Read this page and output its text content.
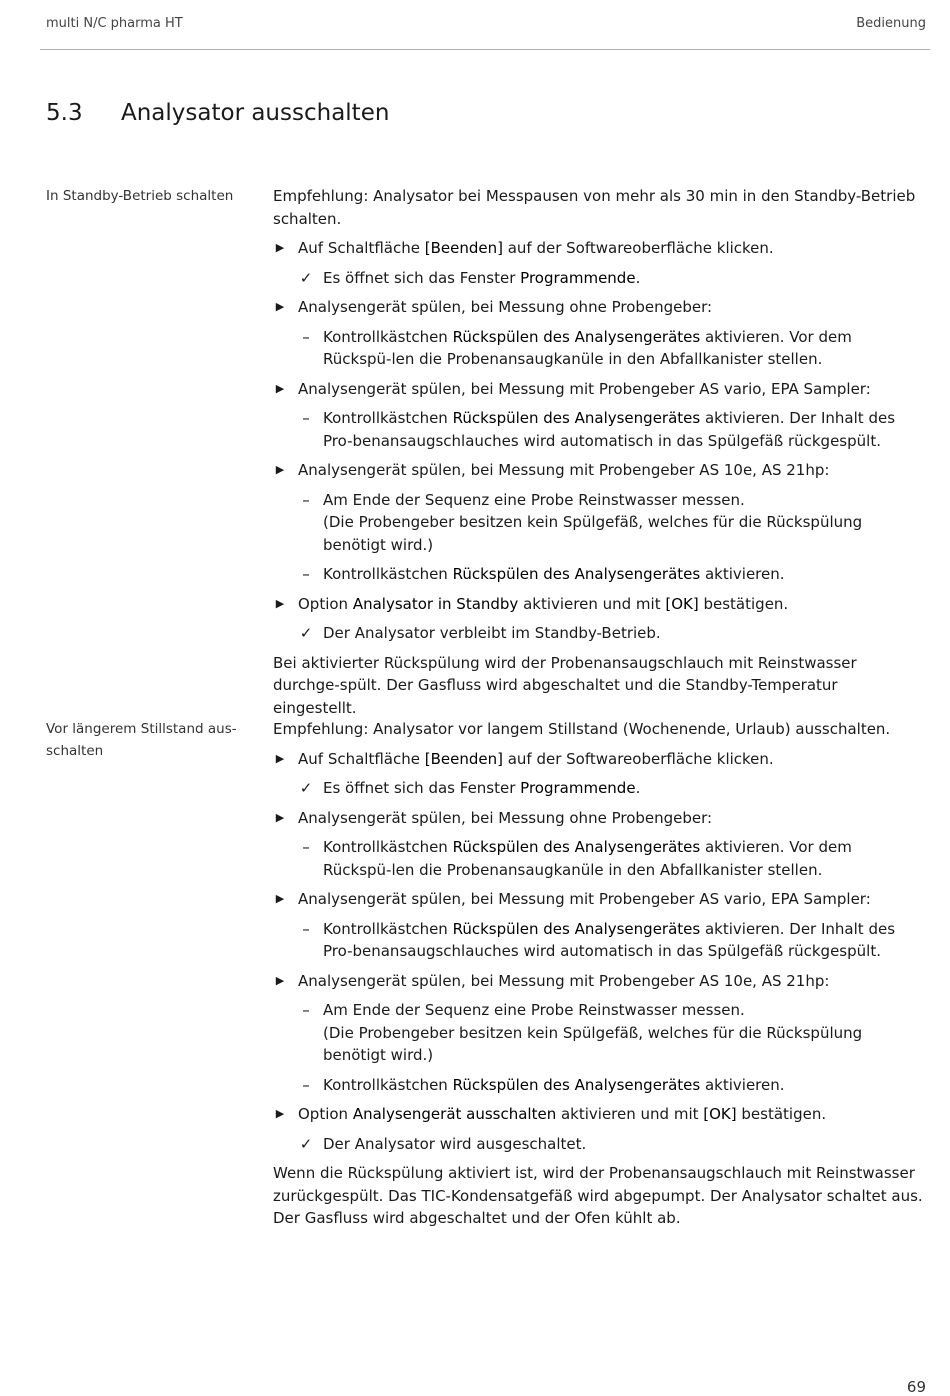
multi N/C pharma HT	Bedienung
5.3 Analysator ausschalten
In Standby-Betrieb schalten	Empfehlung: Analysator bei Messpausen von mehr als 30 min in den Standby-Betrieb schalten.

▶ Auf Schaltfläche [Beenden] auf der Softwareoberfläche klicken.
✓ Es öffnet sich das Fenster Programmende.
▶ Analysengerät spülen, bei Messung ohne Probengeber:
– Kontrollkästchen Rückspülen des Analysengerätes aktivieren. Vor dem Rückspü-len die Probenansaugkanüle in den Abfallkanister stellen.
▶ Analysengerät spülen, bei Messung mit Probengeber AS vario, EPA Sampler:
– Kontrollkästchen Rückspülen des Analysengerätes aktivieren. Der Inhalt des Pro-benansaugschlauches wird automatisch in das Spülgefäß rückgespült.
▶ Analysengerät spülen, bei Messung mit Probengeber AS 10e, AS 21hp:
– Am Ende der Sequenz eine Probe Reinstwasser messen.
(Die Probengeber besitzen kein Spülgefäß, welches für die Rückspülung benötigt wird.)
– Kontrollkästchen Rückspülen des Analysengerätes aktivieren.
▶ Option Analysator in Standby aktivieren und mit [OK] bestätigen.
✓ Der Analysator verbleibt im Standby-Betrieb.

Bei aktivierter Rückspülung wird der Probenansaugschlauch mit Reinstwasser durchge-spült. Der Gasfluss wird abgeschaltet und die Standby-Temperatur eingestellt.

Vor längerem Stillstand aus-schalten

Empfehlung: Analysator vor langem Stillstand (Wochenende, Urlaub) ausschalten.

▶ Auf Schaltfläche [Beenden] auf der Softwareoberfläche klicken.
✓ Es öffnet sich das Fenster Programmende.
▶ Analysengerät spülen, bei Messung ohne Probengeber:
– Kontrollkästchen Rückspülen des Analysengerätes aktivieren. Vor dem Rückspü-len die Probenansaugkanüle in den Abfallkanister stellen.
▶ Analysengerät spülen, bei Messung mit Probengeber AS vario, EPA Sampler:
– Kontrollkästchen Rückspülen des Analysengerätes aktivieren. Der Inhalt des Pro-benansaugschlauches wird automatisch in das Spülgefäß rückgespült.
▶ Analysengerät spülen, bei Messung mit Probengeber AS 10e, AS 21hp:
– Am Ende der Sequenz eine Probe Reinstwasser messen.
(Die Probengeber besitzen kein Spülgefäß, welches für die Rückspülung benötigt wird.)
– Kontrollkästchen Rückspülen des Analysengerätes aktivieren.
▶ Option Analysengerät ausschalten aktivieren und mit [OK] bestätigen.
✓ Der Analysator wird ausgeschaltet.

Wenn die Rückspülung aktiviert ist, wird der Probenansaugschlauch mit Reinstwasser zurückgespült. Das TIC-Kondensatgefäß wird abgepumpt. Der Analysator schaltet aus. Der Gasfluss wird abgeschaltet und der Ofen kühlt ab.

69
